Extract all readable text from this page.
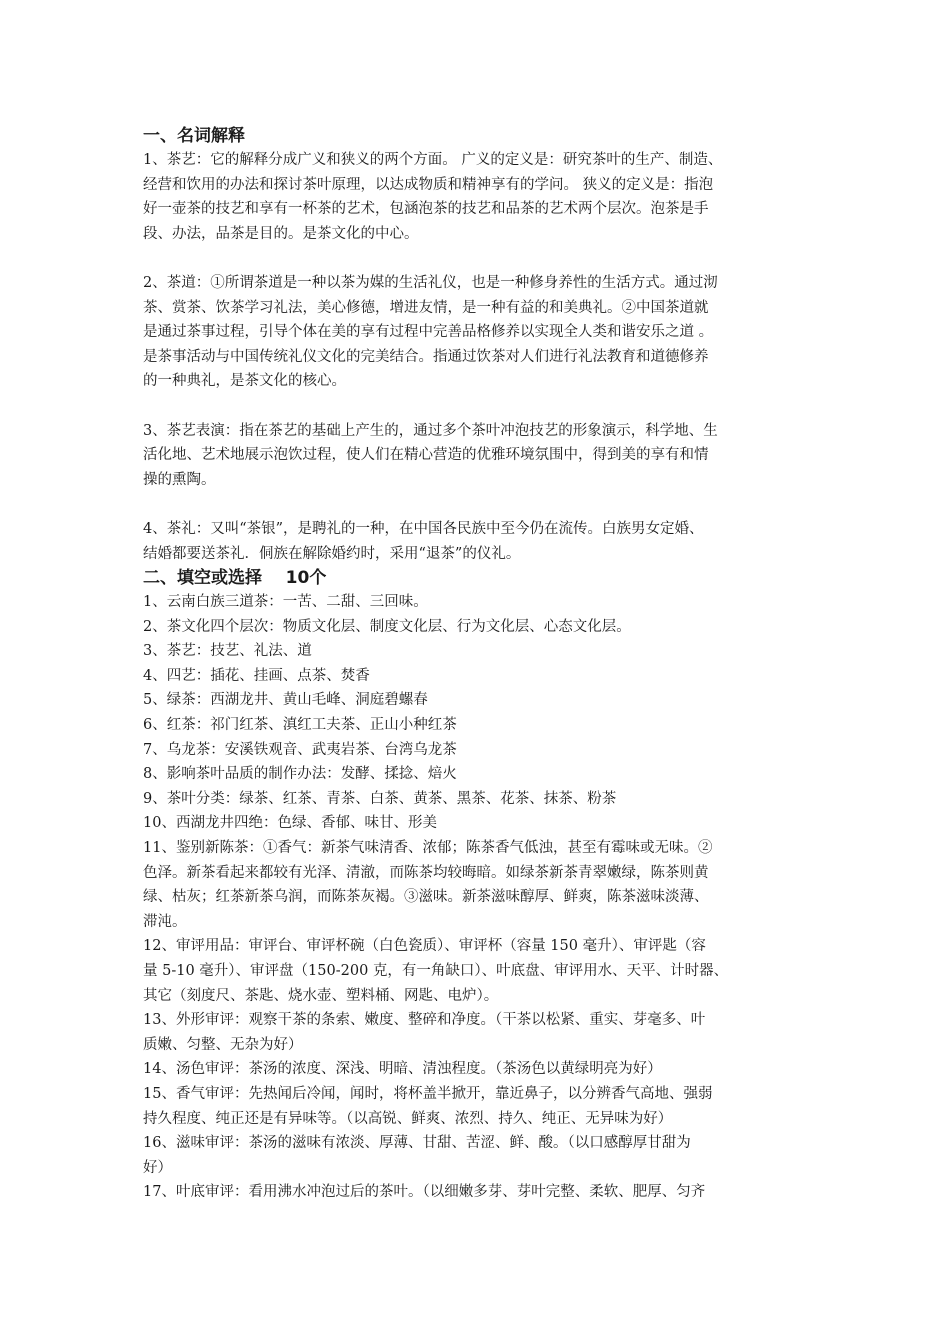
一、名词解释
1、茶艺：它的解释分成广义和狭义的两个方面。 广义的定义是：研究茶叶的生产、制造、
经营和饮用的办法和探讨茶叶原理，以达成物质和精神享有的学问。 狭义的定义是：指泡
好一壶茶的技艺和享有一杯茶的艺术，包涵泡茶的技艺和品茶的艺术两个层次。泡茶是手
段、办法，品茶是目的。是茶文化的中心。
2、茶道：①所谓茶道是一种以茶为媒的生活礼仪，也是一种修身养性的生活方式。通过沏
茶、赏茶、饮茶学习礼法，美心修德，增进友情，是一种有益的和美典礼。②中国茶道就
是通过茶事过程，引导个体在美的享有过程中完善品格修养以实现全人类和谐安乐之道 。
是茶事活动与中国传统礼仪文化的完美结合。指通过饮茶对人们进行礼法教育和道德修养
的一种典礼，是茶文化的核心。
3、茶艺表演：指在茶艺的基础上产生的，通过多个茶叶冲泡技艺的形象演示，科学地、生
活化地、艺术地展示泡饮过程，使人们在精心营造的优雅环境氛围中，得到美的享有和情
操的熏陶。
4、茶礼：又叫“茶银”，是聘礼的一种，在中国各民族中至今仍在流传。白族男女定婚、
结婚都要送茶礼．侗族在解除婚约时，采用“退茶”的仪礼。
二、填空或选择    10个
1、云南白族三道茶：一苦、二甜、三回味。
2、茶文化四个层次：物质文化层、制度文化层、行为文化层、心态文化层。
3、茶艺：技艺、礼法、道
4、四艺：插花、挂画、点茶、焚香
5、绿茶：西湖龙井、黄山毛峰、洞庭碧螺春
6、红茶：祁门红茶、滇红工夫茶、正山小种红茶
7、乌龙茶：安溪铁观音、武夷岩茶、台湾乌龙茶
8、影响茶叶品质的制作办法：发酵、揉捻、焙火
9、茶叶分类：绿茶、红茶、青茶、白茶、黄茶、黑茶、花茶、抹茶、粉茶
10、西湖龙井四绝：色绿、香郁、味甘、形美
11、鉴别新陈茶：①香气：新茶气味清香、浓郁；陈茶香气低浊，甚至有霉味或无味。②
色泽。新茶看起来都较有光泽、清澈，而陈茶均较晦暗。如绿茶新茶青翠嫩绿，陈茶则黄
绿、枯灰；红茶新茶乌润，而陈茶灰褐。③滋味。新茶滋味醇厚、鲜爽，陈茶滋味淡薄、
滞沌。
12、审评用品：审评台、审评杯碗（白色瓷质）、审评杯（容量 150 毫升）、审评匙（容
量 5-10 毫升）、审评盘（150-200 克，有一角缺口）、叶底盘、审评用水、天平、计时器、
其它（刻度尺、茶匙、烧水壶、塑料桶、网匙、电炉）。
13、外形审评：观察干茶的条索、嫩度、整碎和净度。（干茶以松紧、重实、芽毫多、叶
质嫩、匀整、无杂为好）
14、汤色审评：茶汤的浓度、深浅、明暗、清浊程度。（茶汤色以黄绿明亮为好）
15、香气审评：先热闻后冷闻，闻时，将杯盖半掀开，靠近鼻子，以分辨香气高地、强弱
持久程度、纯正还是有异味等。（以高锐、鲜爽、浓烈、持久、纯正、无异味为好）
16、滋味审评：茶汤的滋味有浓淡、厚薄、甘甜、苦涩、鲜、酸。（以口感醇厚甘甜为
好）
17、叶底审评：看用沸水冲泡过后的茶叶。（以细嫩多芽、芽叶完整、柔软、肥厚、匀齐
